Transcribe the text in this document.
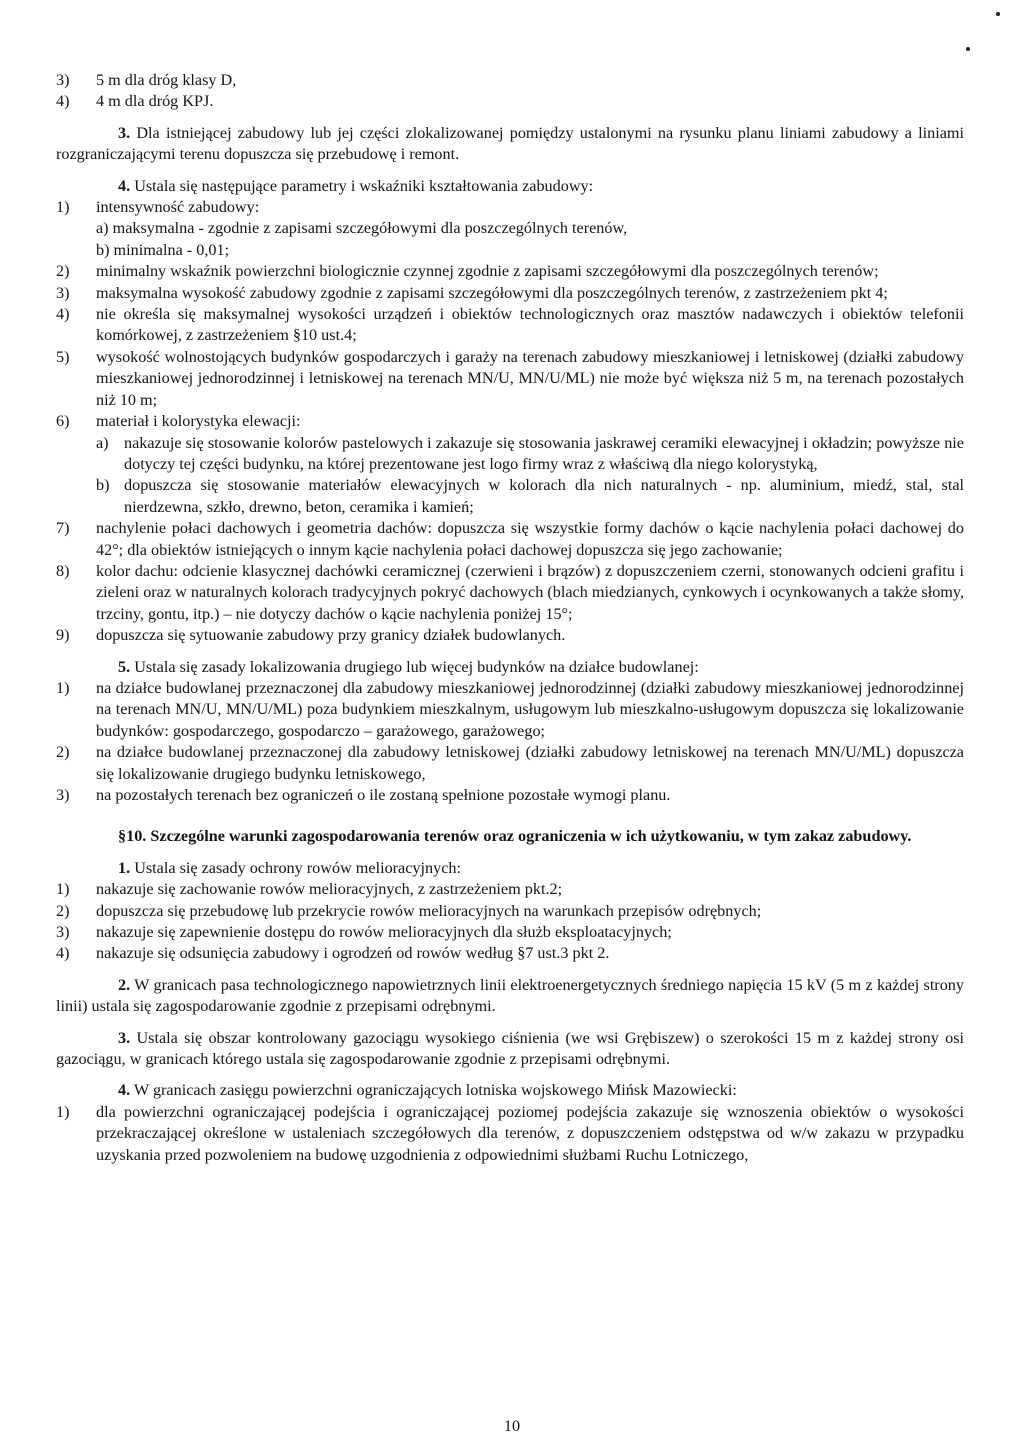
3) 5 m dla dróg klasy D,
4) 4 m dla dróg KPJ.
3. Dla istniejącej zabudowy lub jej części zlokalizowanej pomiędzy ustalonymi na rysunku planu liniami zabudowy a liniami rozgraniczającymi terenu dopuszcza się przebudowę i remont.
4. Ustala się następujące parametry i wskaźniki kształtowania zabudowy:
1) intensywność zabudowy:
a) maksymalna - zgodnie z zapisami szczegółowymi dla poszczególnych terenów,
b) minimalna - 0,01;
2) minimalny wskaźnik powierzchni biologicznie czynnej zgodnie z zapisami szczegółowymi dla poszczególnych terenów;
3) maksymalna wysokość zabudowy zgodnie z zapisami szczegółowymi dla poszczególnych terenów, z zastrzeżeniem pkt 4;
4) nie określa się maksymalnej wysokości urządzeń i obiektów technologicznych oraz masztów nadawczych i obiektów telefonii komórkowej, z zastrzeżeniem §10 ust.4;
5) wysokość wolnostojących budynków gospodarczych i garaży na terenach zabudowy mieszkaniowej i letniskowej (działki zabudowy mieszkaniowej jednorodzinnej i letniskowej na terenach MN/U, MN/U/ML) nie może być większa niż 5 m, na terenach pozostałych niż 10 m;
6) materiał i kolorystyka elewacji:
a) nakazuje się stosowanie kolorów pastelowych i zakazuje się stosowania jaskrawej ceramiki elewacyjnej i okładzin; powyższe nie dotyczy tej części budynku, na której prezentowane jest logo firmy wraz z właściwą dla niego kolorystyką,
b) dopuszcza się stosowanie materiałów elewacyjnych w kolorach dla nich naturalnych - np. aluminium, miedź, stal, stal nierdzewna, szkło, drewno, beton, ceramika i kamień;
7) nachylenie połaci dachowych i geometria dachów: dopuszcza się wszystkie formy dachów o kącie nachylenia połaci dachowej do 42°; dla obiektów istniejących o innym kącie nachylenia połaci dachowej dopuszcza się jego zachowanie;
8) kolor dachu: odcienie klasycznej dachówki ceramicznej (czerwieni i brązów) z dopuszczeniem czerni, stonowanych odcieni grafitu i zieleni oraz w naturalnych kolorach tradycyjnych pokryć dachowych (blach miedzianych, cynkowych i ocynkowanych a także słomy, trzciny, gontu, itp.) – nie dotyczy dachów o kącie nachylenia poniżej 15°;
9) dopuszcza się sytuowanie zabudowy przy granicy działek budowlanych.
5. Ustala się zasady lokalizowania drugiego lub więcej budynków na działce budowlanej:
1) na działce budowlanej przeznaczonej dla zabudowy mieszkaniowej jednorodzinnej (działki zabudowy mieszkaniowej jednorodzinnej na terenach MN/U, MN/U/ML) poza budynkiem mieszkalnym, usługowym lub mieszkalno-usługowym dopuszcza się lokalizowanie budynków: gospodarczego, gospodarczo – garażowego, garażowego;
2) na działce budowlanej przeznaczonej dla zabudowy letniskowej (działki zabudowy letniskowej na terenach MN/U/ML) dopuszcza się lokalizowanie drugiego budynku letniskowego,
3) na pozostałych terenach bez ograniczeń o ile zostaną spełnione pozostałe wymogi planu.
§10. Szczególne warunki zagospodarowania terenów oraz ograniczenia w ich użytkowaniu, w tym zakaz zabudowy.
1. Ustala się zasady ochrony rowów melioracyjnych:
1) nakazuje się zachowanie rowów melioracyjnych, z zastrzeżeniem pkt.2;
2) dopuszcza się przebudowę lub przekrycie rowów melioracyjnych na warunkach przepisów odrębnych;
3) nakazuje się zapewnienie dostępu do rowów melioracyjnych dla służb eksploatacyjnych;
4) nakazuje się odsunięcia zabudowy i ogrodzeń od rowów według §7 ust.3 pkt 2.
2. W granicach pasa technologicznego napowietrznych linii elektroenergetycznych średniego napięcia 15 kV (5 m z każdej strony linii) ustala się zagospodarowanie zgodnie z przepisami odrębnymi.
3. Ustala się obszar kontrolowany gazociągu wysokiego ciśnienia (we wsi Grębiszew) o szerokości 15 m z każdej strony osi gazociągu, w granicach którego ustala się zagospodarowanie zgodnie z przepisami odrębnymi.
4. W granicach zasięgu powierzchni ograniczających lotniska wojskowego Mińsk Mazowiecki:
1) dla powierzchni ograniczającej podejścia i ograniczającej poziomej podejścia zakazuje się wznoszenia obiektów o wysokości przekraczającej określone w ustaleniach szczegółowych dla terenów, z dopuszczeniem odstępstwa od w/w zakazu w przypadku uzyskania przed pozwoleniem na budowę uzgodnienia z odpowiednimi służbami Ruchu Lotniczego,
10
